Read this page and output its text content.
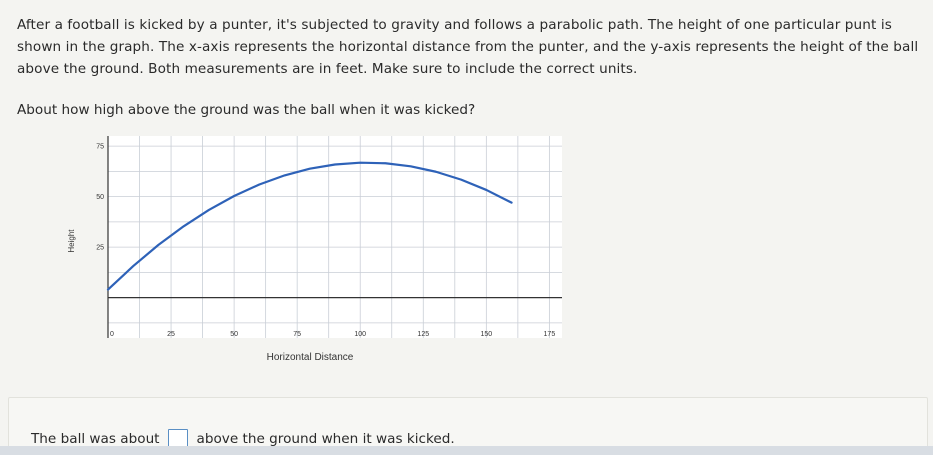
After a football is kicked by a punter, it's subjected to gravity and follows a parabolic path. The height of one particular punt is shown in the graph. The x-axis represents the horizontal distance from the punter, and the y-axis represents the height of the ball above the ground. Both measurements are in feet. Make sure to include the correct units.
About how high above the ground was the ball when it was kicked?
0	25	50	75	100	125	150	175
25
50
75
Height
Horizontal Distance
The ball was about	above the ground when it was kicked.
